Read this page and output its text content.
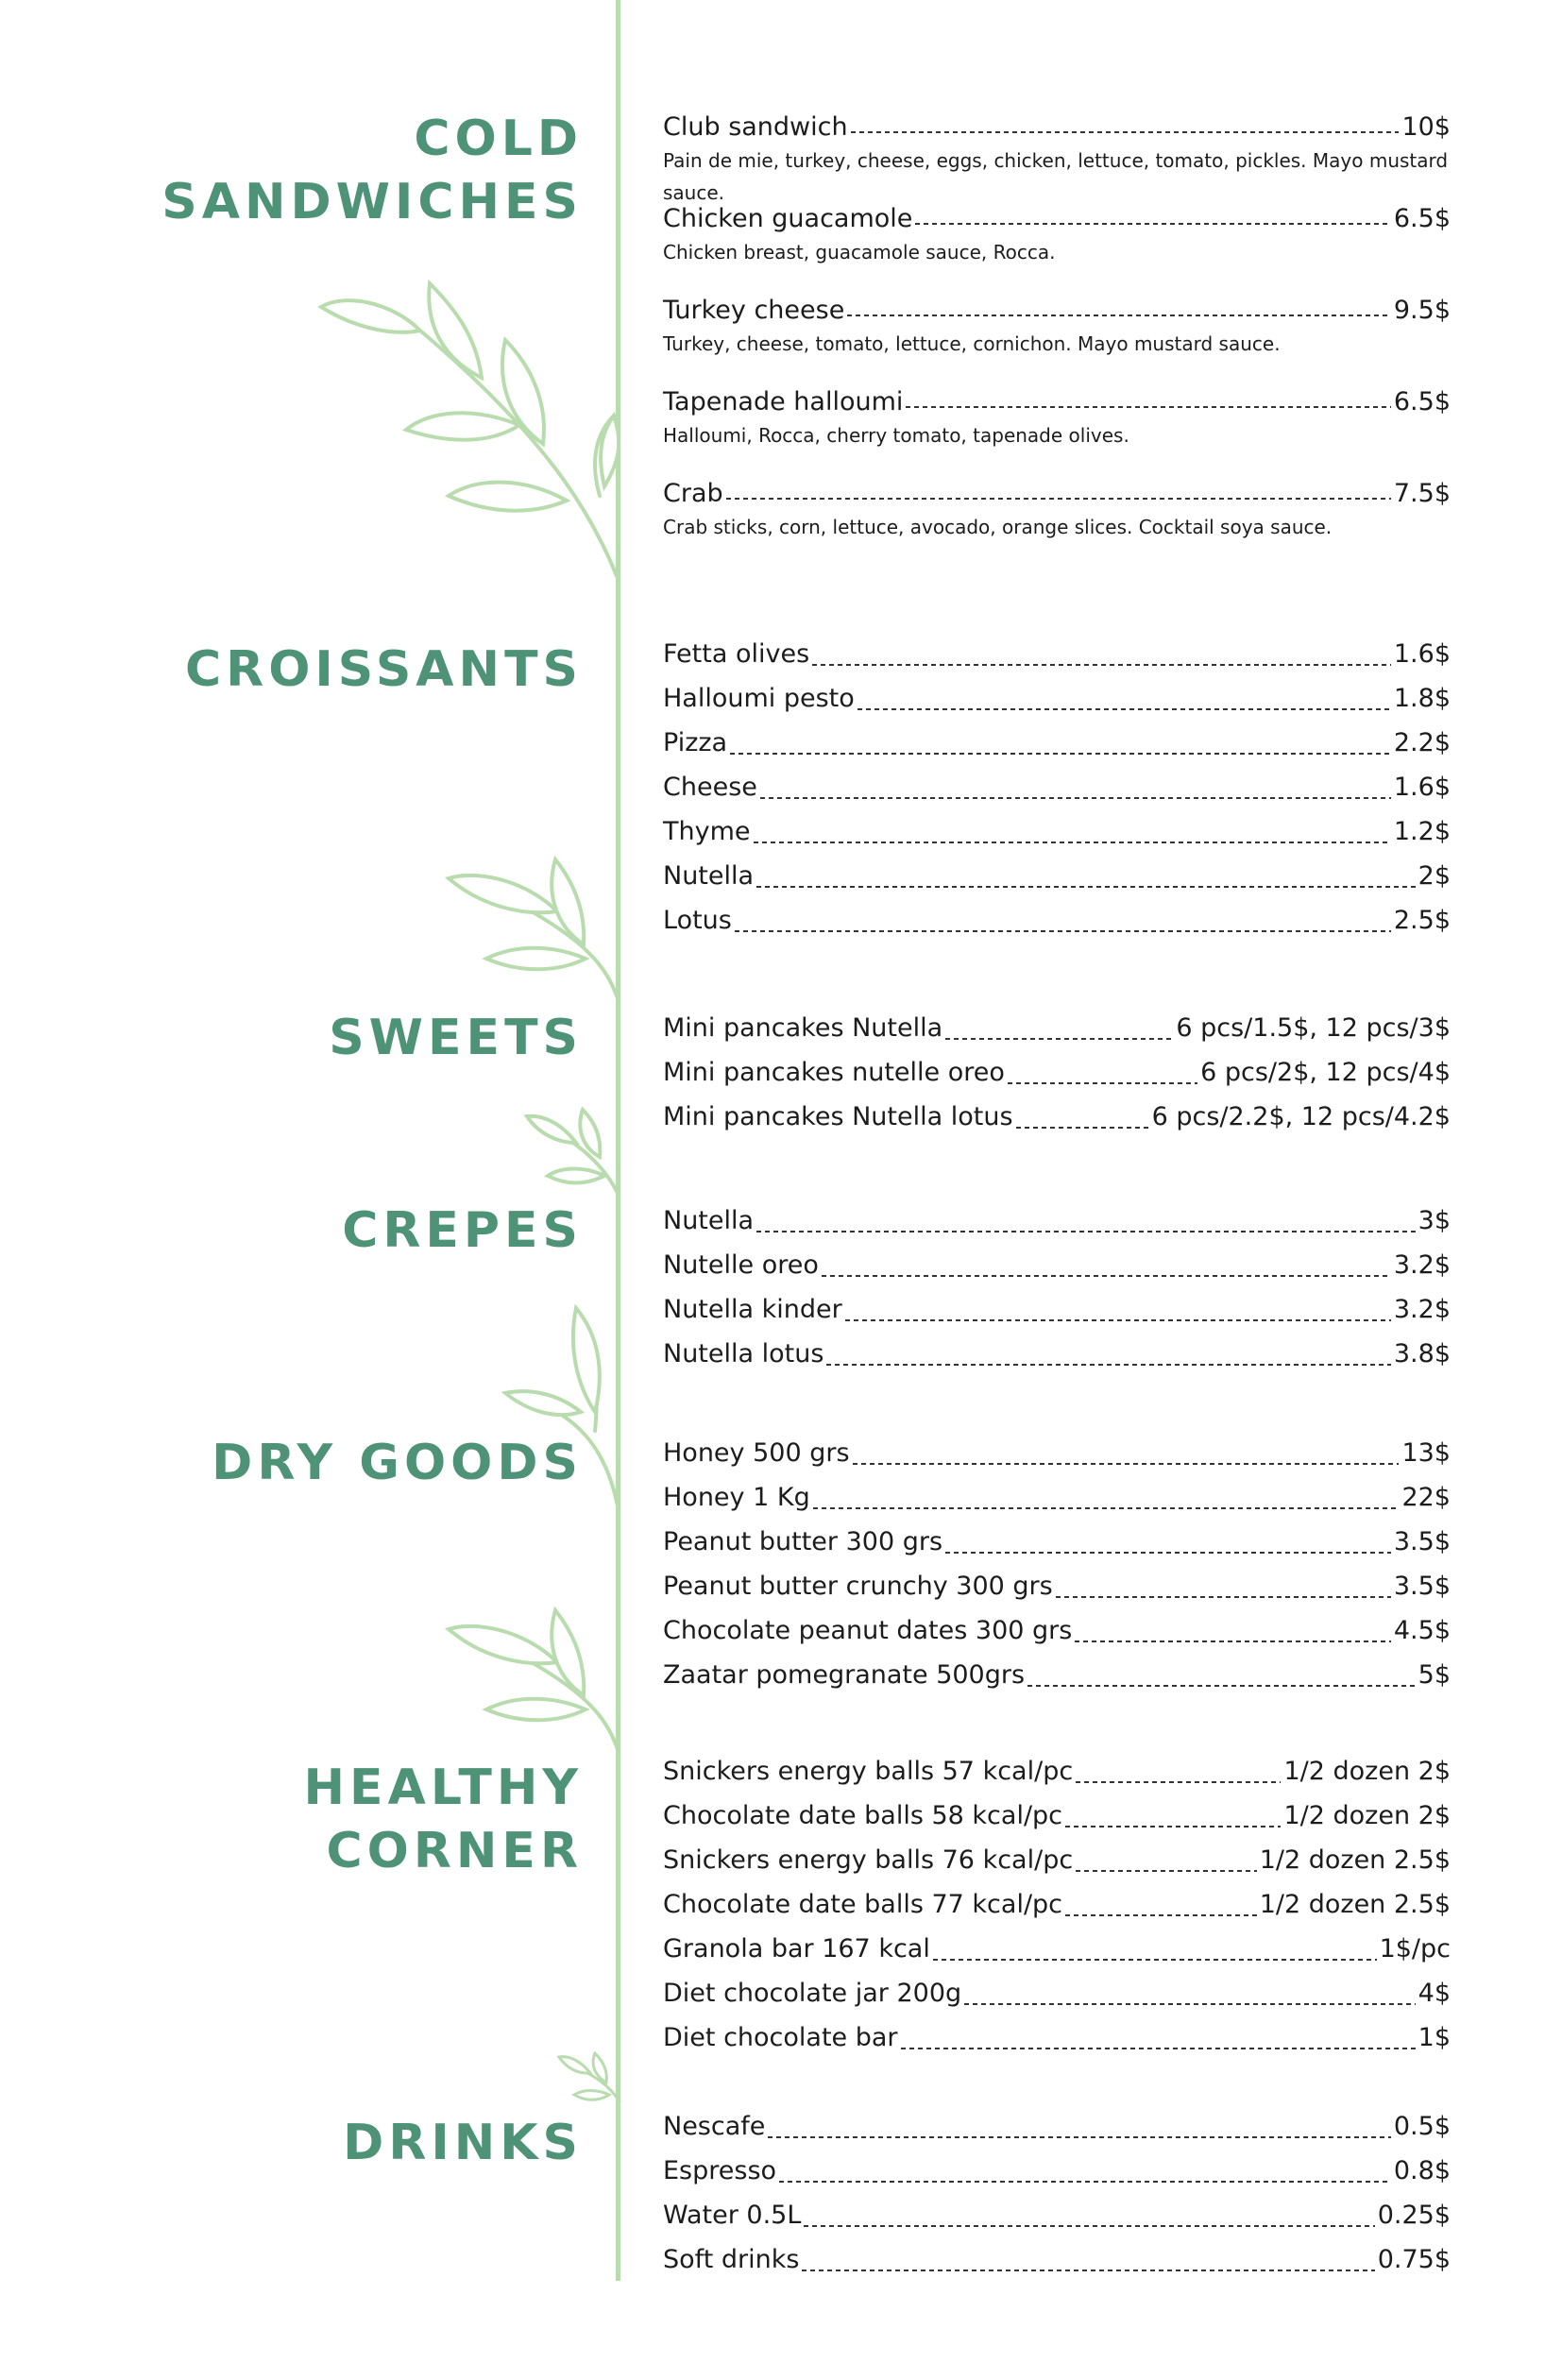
COLD
SANDWICHES
Club sandwich	10$
Pain de mie, turkey, cheese, eggs, chicken, lettuce, tomato, pickles. Mayo mustard sauce.
Chicken guacamole	6.5$
Chicken breast, guacamole sauce, Rocca.
Turkey cheese	9.5$
Turkey, cheese, tomato, lettuce, cornichon. Mayo mustard sauce.
Tapenade halloumi	6.5$
Halloumi, Rocca, cherry tomato, tapenade olives.
Crab	7.5$
Crab sticks, corn, lettuce, avocado, orange slices. Cocktail soya sauce.
CROISSANTS	Fetta olives	1.6$
Halloumi pesto	1.8$
Pizza	2.2$
Cheese	1.6$
Thyme	1.2$
Nutella	2$
Lotus	2.5$
SWEETS	Mini pancakes Nutella	6 pcs/1.5$, 12 pcs/3$
Mini pancakes nutelle oreo	6 pcs/2$, 12 pcs/4$
Mini pancakes Nutella lotus	6 pcs/2.2$, 12 pcs/4.2$
CREPES	Nutella	3$
Nutelle oreo	3.2$
Nutella kinder	3.2$
Nutella lotus	3.8$
DRY GOODS	Honey 500 grs	13$
Honey 1 Kg	22$
Peanut butter 300 grs	3.5$
Peanut butter crunchy 300 grs	3.5$
Chocolate peanut dates 300 grs	4.5$
Zaatar pomegranate 500grs	5$
HEALTHY
CORNER
Snickers energy balls 57 kcal/pc	1/2 dozen 2$
Chocolate date balls 58 kcal/pc	1/2 dozen 2$
Snickers energy balls 76 kcal/pc	1/2 dozen 2.5$
Chocolate date balls 77 kcal/pc	1/2 dozen 2.5$
Granola bar 167 kcal	1$/pc
Diet chocolate jar 200g	4$
Diet chocolate bar	1$
DRINKS	Nescafe	0.5$
Espresso	0.8$
Water 0.5L	0.25$
Soft drinks	0.75$
